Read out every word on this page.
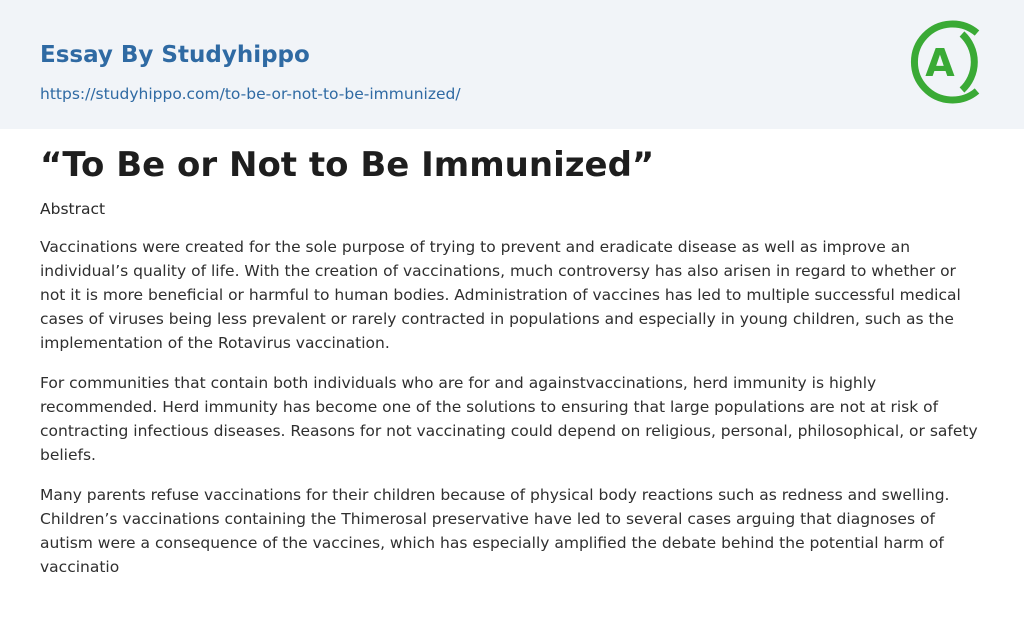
Essay By Studyhippo
https://studyhippo.com/to-be-or-not-to-be-immunized/
A
“To Be or Not to Be Immunized”
Abstract

Vaccinations were created for the sole purpose of trying to prevent and eradicate disease as well as improve an individual’s quality of life. With the creation of vaccinations, much controversy has also arisen in regard to whether or not it is more beneficial or harmful to human bodies. Administration of vaccines has led to multiple successful medical cases of viruses being less prevalent or rarely contracted in populations and especially in young children, such as the implementation of the Rotavirus vaccination.

For communities that contain both individuals who are for and againstvaccinations, herd immunity is highly recommended. Herd immunity has become one of the solutions to ensuring that large populations are not at risk of contracting infectious diseases. Reasons for not vaccinating could depend on religious, personal, philosophical, or safety beliefs.

Many parents refuse vaccinations for their children because of physical body reactions such as redness and swelling. Children’s vaccinations containing the Thimerosal preservative have led to several cases arguing that diagnoses of autism were a consequence of the vaccines, which has especially amplified the debate behind the potential harm of vaccinatio
